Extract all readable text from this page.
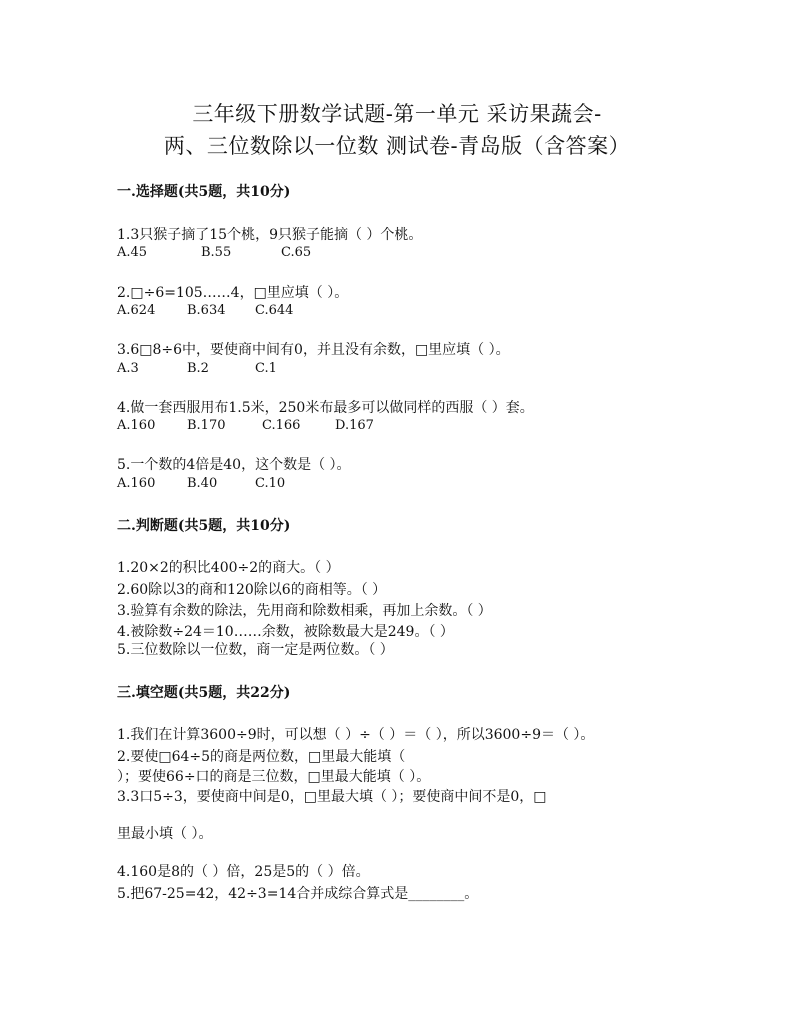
三年级下册数学试题-第一单元 采访果蔬会-
两、三位数除以一位数 测试卷-青岛版（含答案）
一.选择题(共5题，共10分)
1.3只猴子摘了15个桃，9只猴子能摘（ ）个桃。
A.45	B.55	C.65
2.□÷6=105……4，□里应填（ ）。
A.624 B.634 C.644
3.6□8÷6中，要使商中间有0，并且没有余数，□里应填（ ）。
A.3	B.2	C.1
4.做一套西服用布1.5米，250米布最多可以做同样的西服（ ）套。
A.160 B.170	C.166	D.167
5.一个数的4倍是40，这个数是（ ）。
A.160 B.40	C.10
二.判断题(共5题，共10分)
1.20×2的积比400÷2的商大。（ ）
2.60除以3的商和120除以6的商相等。（ ）
3.验算有余数的除法，先用商和除数相乘，再加上余数。（ ）
4.被除数÷24＝10……余数，被除数最大是249。（ ）
5.三位数除以一位数，商一定是两位数。（ ）
三.填空题(共5题，共22分)
1.我们在计算3600÷9时，可以想（ ）÷（ ）＝（ ），所以3600÷9＝（ ）。
2.要使□64÷5的商是两位数，□里最大能填（
）；要使66÷口的商是三位数，□里最大能填（ ）。
3.3口5÷3，要使商中间是0，□里最大填（ ）；要使商中间不是0，□
里最小填（ ）。
4.160是8的（ ）倍，25是5的（ ）倍。
5.把67-25=42，42÷3=14合并成综合算式是________。
